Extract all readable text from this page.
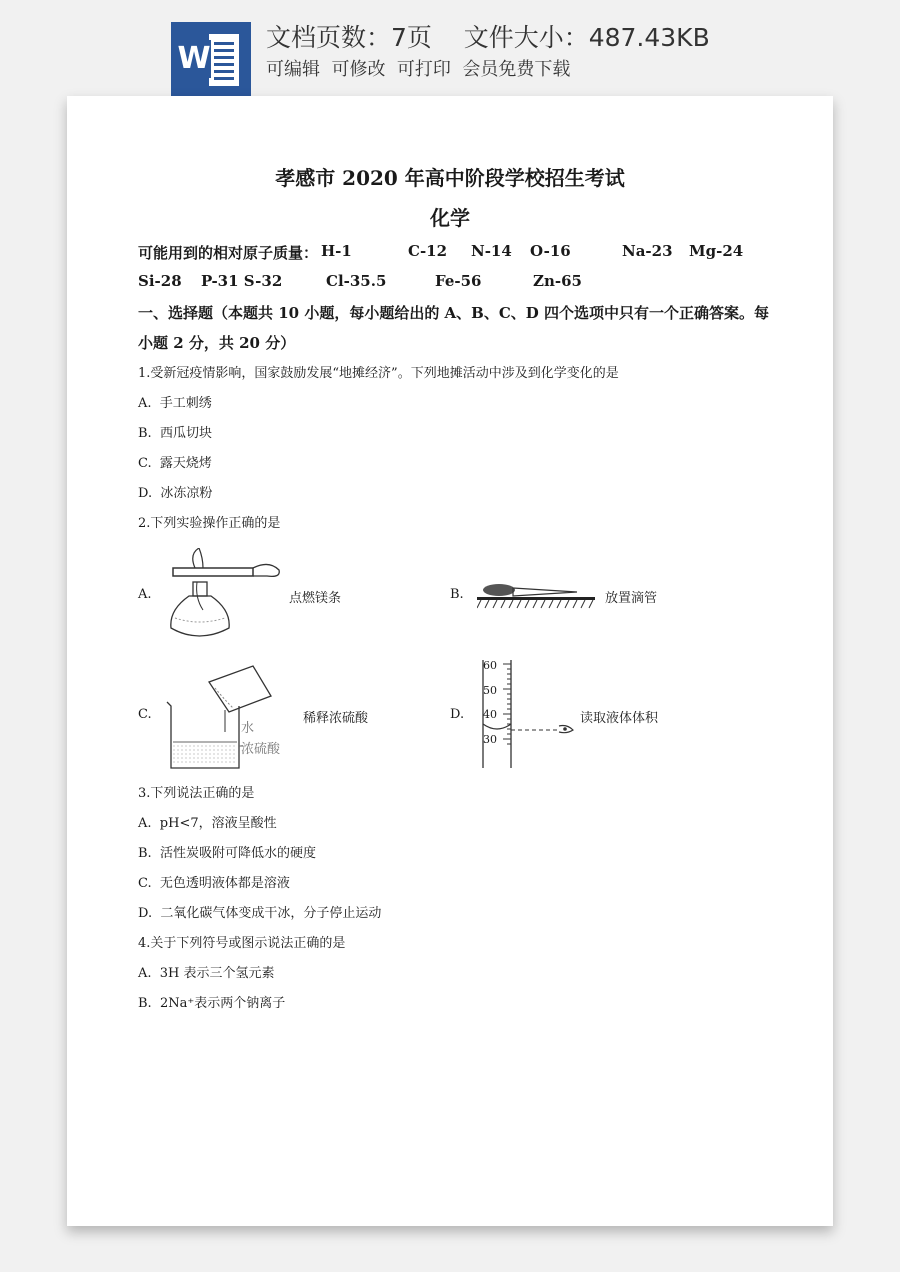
W
文档页数：7页    文件大小：487.43KB
可编辑  可修改  可打印  会员免费下载
孝感市 2020 年高中阶段学校招生考试
化学
可能用到的相对原子质量： H-1	C-12 N-14 O-16	Na-23 Mg-24
Si-28 P-31 S-32	Cl-35.5	Fe-56	Zn-65
一、选择题（本题共 10 小题，每小题给出的 A、B、C、D 四个选项中只有一个正确答案。每
小题 2 分，共 20 分）
1.受新冠疫情影响，国家鼓励发展“地摊经济”。下列地摊活动中涉及到化学变化的是
A.  手工刺绣
B.  西瓜切块
C.  露天烧烤
D.  冰冻凉粉
2.下列实验操作正确的是
A.	点燃镁条	B.	放置滴管
C.
水
浓硫酸
稀释浓硫酸	D.
60
50
40
30
读取液体体积
3.下列说法正确的是
A.  pH<7，溶液呈酸性
B.  活性炭吸附可降低水的硬度
C.  无色透明液体都是溶液
D.  二氧化碳气体变成干冰，分子停止运动
4.关于下列符号或图示说法正确的是
A.  3H 表示三个氢元素
B.  2Na⁺表示两个钠离子
